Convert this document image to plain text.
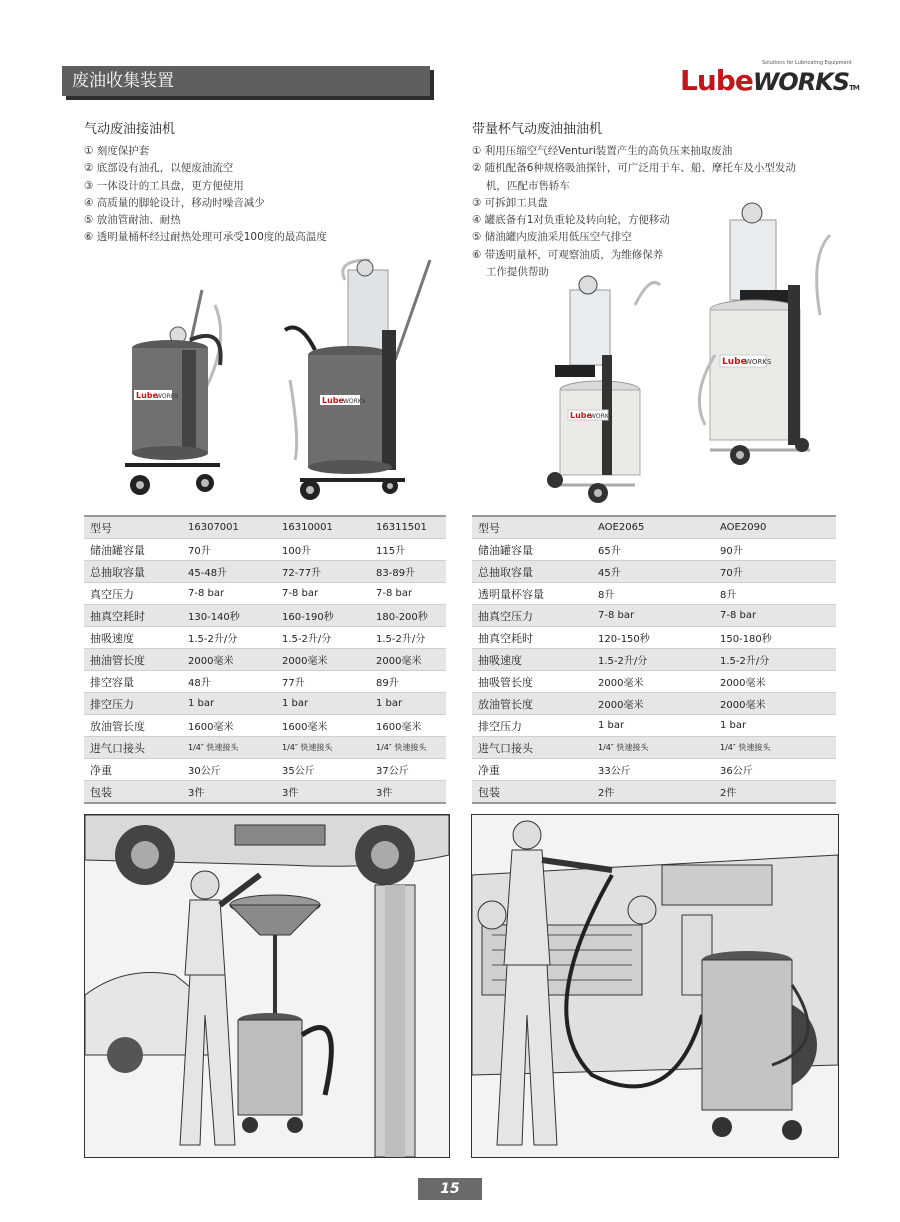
废油收集装置
Solutions for Lubricating Equipment
LubeWORKSTM
气动废油接油机
① 刻度保护套
② 底部设有油孔，以便废油流空
③ 一体设计的工具盘，更方便使用
④ 高质量的脚轮设计，移动时噪音减少
⑤ 放油管耐油、耐热
⑥ 透明量桶杯经过耐热处理可承受100度的最高温度
带量杯气动废油抽油机
① 利用压缩空气经Venturi装置产生的高负压来抽取废油
② 随机配备6种规格吸油探针，可广泛用于车、船、摩托车及小型发动
　 机，匹配市售轿车
③ 可拆卸工具盘
④ 罐底备有1对负重轮及转向轮，方便移动
⑤ 储油罐内废油采用低压空气排空
⑥ 带透明量杯，可观察油质，为维修保养
　 工作提供帮助
Lube
WORKS	Lube WORKS
Lube
WORKS
Lube
WORKS
型号	16307001	16310001	16311501
储油罐容量	70升	100升	115升
总抽取容量	45-48升	72-77升	83-89升
真空压力	7-8 bar	7-8 bar	7-8 bar
抽真空耗时	130-140秒	160-190秒	180-200秒
抽吸速度	1.5-2升/分	1.5-2升/分	1.5-2升/分
抽油管长度	2000毫米	2000毫米	2000毫米
排空容量	48升	77升	89升
排空压力	1 bar	1 bar	1 bar
放油管长度	1600毫米	1600毫米	1600毫米
进气口接头	1/4″ 快速接头	1/4″ 快速接头	1/4″ 快速接头
净重	30公斤	35公斤	37公斤
包装	3件	3件	3件
型号	AOE2065	AOE2090
储油罐容量	65升	90升
总抽取容量	45升	70升
透明量杯容量	8升	8升
抽真空压力	7-8 bar	7-8 bar
抽真空耗时	120-150秒	150-180秒
抽吸速度	1.5-2升/分	1.5-2升/分
抽吸管长度	2000毫米	2000毫米
放油管长度	2000毫米	2000毫米
排空压力	1 bar	1 bar
进气口接头	1/4″ 快速接头	1/4″ 快速接头
净重	33公斤	36公斤
包装	2件	2件
15
